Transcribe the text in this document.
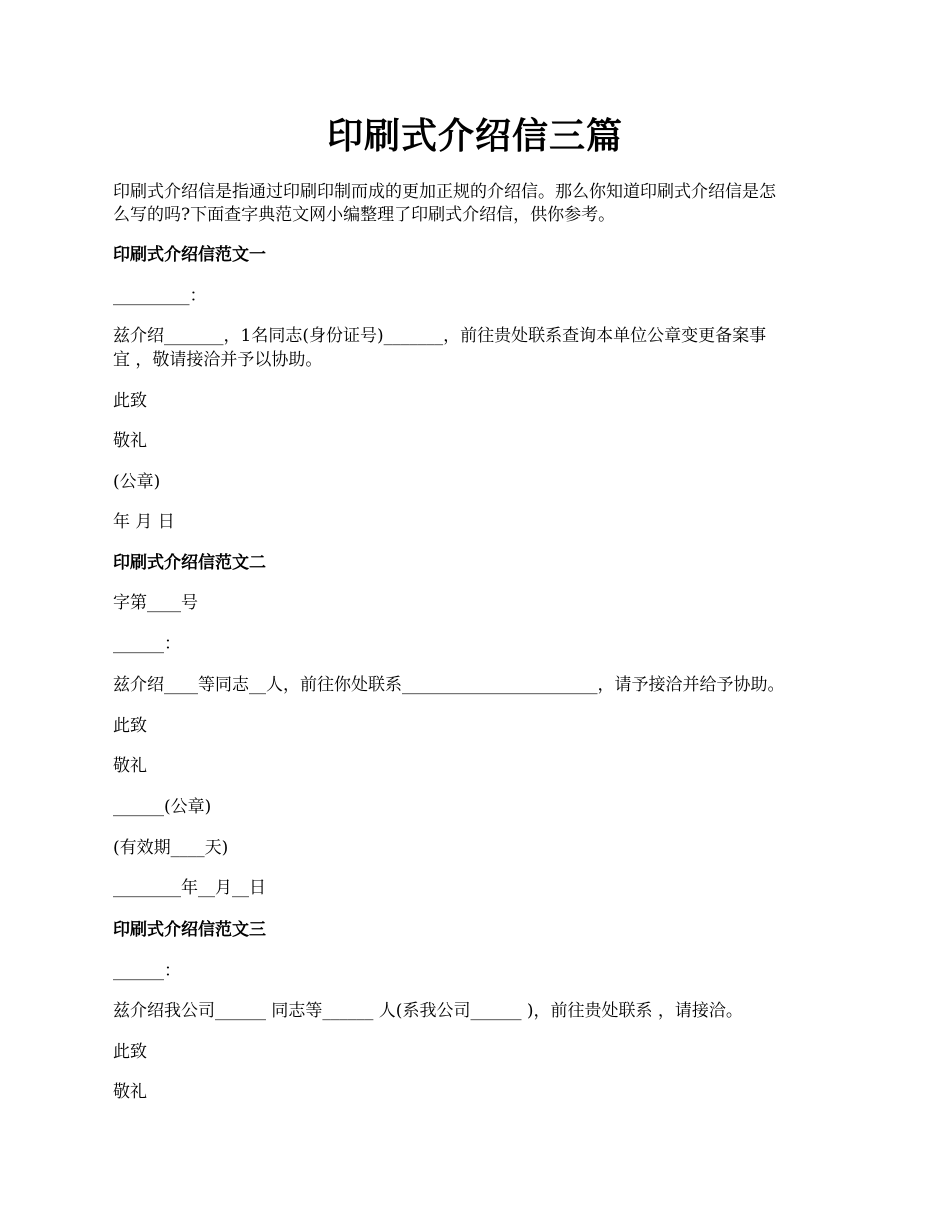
印刷式介绍信三篇
印刷式介绍信是指通过印刷印制而成的更加正规的介绍信。那么你知道印刷式介绍信是怎
么写的吗?下面查字典范文网小编整理了印刷式介绍信，供你参考。
印刷式介绍信范文一
_________：
兹介绍_______，1名同志(身份证号)_______，前往贵处联系查询本单位公章变更备案事
宜 ，敬请接洽并予以协助。
此致
敬礼
(公章)
年 月 日
印刷式介绍信范文二
字第____号
______：
兹介绍____等同志__人，前往你处联系_______________________，请予接洽并给予协助。
此致
敬礼
______(公章)
(有效期____天)
________年__月__日
印刷式介绍信范文三
______：
兹介绍我公司______ 同志等______ 人(系我公司______ )，前往贵处联系 ，请接洽。
此致
敬礼
